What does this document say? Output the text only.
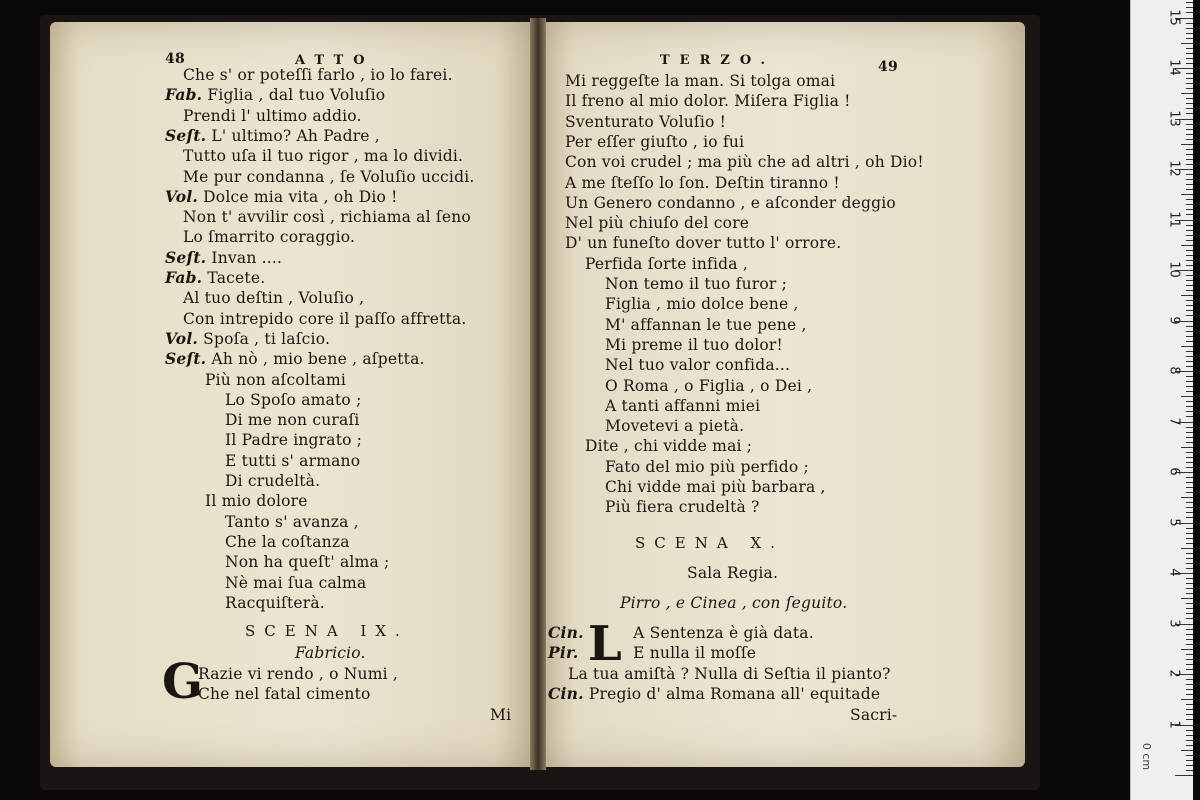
48	ATTO
Che s' or poteſſi farlo , io lo farei.
Fab. Figlia , dal tuo Voluſio
Prendi l' ultimo addio.
Seſt. L' ultimo? Ah Padre ,
Tutto uſa il tuo rigor , ma lo dividi.
Me pur condanna , ſe Voluſio uccidi.
Vol. Dolce mia vita , oh Dio !
Non t' avvilir così , richiama al ſeno
Lo ſmarrito coraggio.
Seſt. Invan ....
Fab. Tacete.
Al tuo deſtin , Voluſio ,
Con intrepido core il paſſo affretta.
Vol. Spoſa , ti laſcio.
Seſt. Ah nò , mio bene , aſpetta.
Più non aſcoltami
Lo Spoſo amato ;
Di me non curaſi
Il Padre ingrato ;
E tutti s' armano
Di crudeltà.
Il mio dolore
Tanto s' avanza ,
Che la coſtanza
Non ha queſt' alma ;
Nè mai ſua calma
Racquiſterà.
SCENA IX.
Fabricio.
G
Razie vi rendo , o Numi ,
Che nel fatal cimento
Mi
TERZO.	49
Mi reggeſte la man. Si tolga omai
Il freno al mio dolor. Miſera Figlia !
Sventurato Voluſio !
Per eſſer giuſto , io fui
Con voi crudel ; ma più che ad altri , oh Dio!
A me ſteſſo lo ſon. Deſtin tiranno !
Un Genero condanno , e aſconder deggio
Nel più chiuſo del core
D' un funeſto dover tutto l' orrore.
Perfida ſorte infida ,
Non temo il tuo furor ;
Figlia , mio dolce bene ,
M' affannan le tue pene ,
Mi preme il tuo dolor!
Nel tuo valor confida...
O Roma , o Figlia , o Dei ,
A tanti affanni miei
Movetevi a pietà.
Dite , chi vidde mai ;
Fato del mio più perfido ;
Chi vidde mai più barbara ,
Più fiera crudeltà ?
SCENA X.
Sala Regia.
Pirro , e Cinea , con ſeguito.
L
Cin.	A Sentenza è già data.
Pir.	E nulla il moſſe
La tua amiſtà ? Nulla di Seſtia il pianto?
Cin. Pregio d' alma Romana all' equitade
Sacri-
0 cm
15
14
13
12
11
10
9
8
7
6
5
4
3
2
1
